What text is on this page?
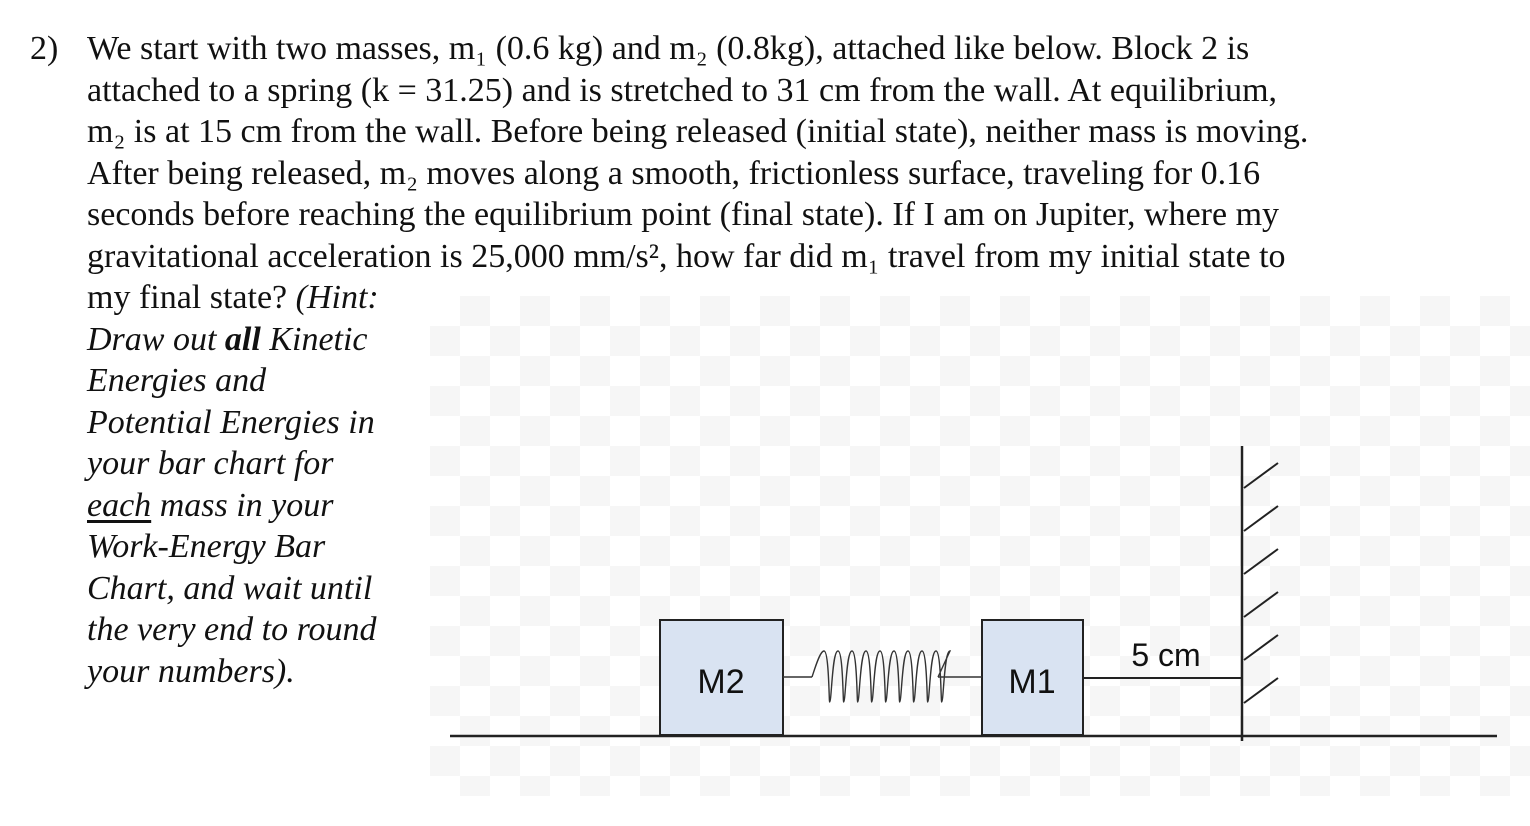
2) We start with two masses, m₁ (0.6 kg) and m₂ (0.8kg), attached like below. Block 2 is
attached to a spring (k = 31.25) and is stretched to 31 cm from the wall. At equilibrium,
m₂ is at 15 cm from the wall. Before being released (initial state), neither mass is moving.
After being released, m₂ moves along a smooth, frictionless surface, traveling for 0.16
seconds before reaching the equilibrium point (final state). If I am on Jupiter, where my
gravitational acceleration is 25,000 mm/s², how far did m₁ travel from my initial state to
my final state? (Hint:
Draw out all Kinetic
Energies and
Potential Energies in
your bar chart for
each mass in your
Work-Energy Bar
Chart, and wait until
the very end to round
your numbers).	M2	M1
5 cm
